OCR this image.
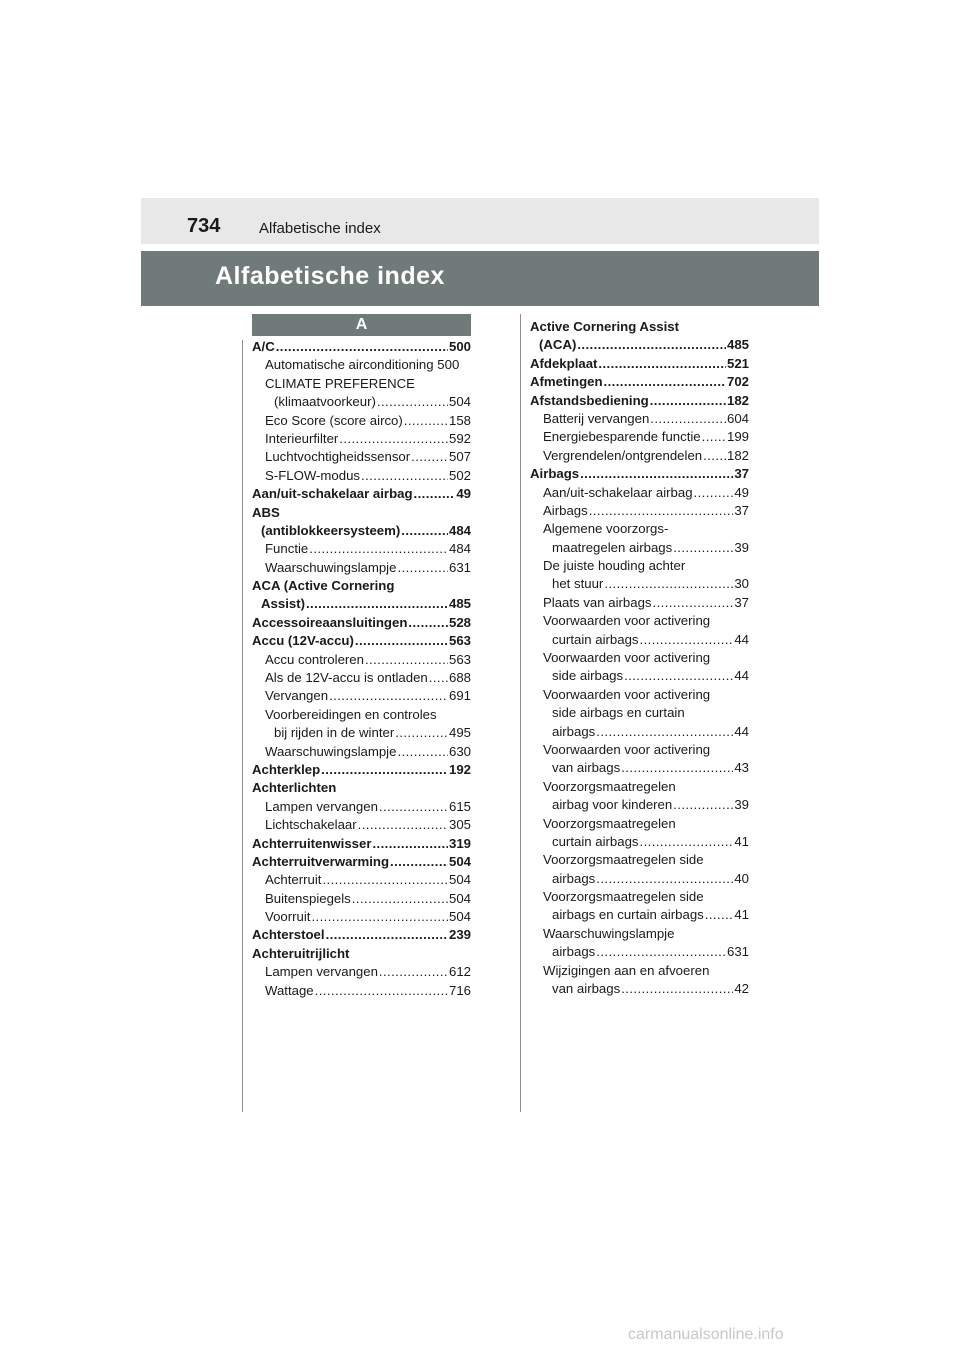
734	Alfabetische index
Alfabetische index
A
A/C .....	500
Automatische airconditioning 500
CLIMATE PREFERENCE
(klimaatvoorkeur) .....	504
Eco Score (score airco) .....	158
Interieurfilter .....	592
Luchtvochtigheidssensor .....	507
S-FLOW-modus .....	502
Aan/uit-schakelaar airbag .....	49
ABS
(antiblokkeersysteem) .....	484
Functie .....	484
Waarschuwingslampje .....	631
ACA (Active Cornering
Assist) .....	485
Accessoireaansluitingen .....	528
Accu (12V-accu) .....	563
Accu controleren .....	563
Als de 12V-accu is ontladen ..... 688
Vervangen .....	691
Voorbereidingen en controles
bij rijden in de winter .....	495
Waarschuwingslampje .....	630
Achterklep .....	192
Achterlichten
Lampen vervangen .....	615
Lichtschakelaar .....	305
Achterruitenwisser .....	319
Achterruitverwarming .....	504
Achterruit .....	504
Buitenspiegels .....	504
Voorruit .....	504
Achterstoel .....	239
Achteruitrijlicht
Lampen vervangen .....	612
Wattage .....	716
Active Cornering Assist
(ACA) .....	485
Afdekplaat .....	521
Afmetingen .....	702
Afstandsbediening .....	182
Batterij vervangen .....	604
Energiebesparende functie ..... 199
Vergrendelen/ontgrendelen ..... 182
Airbags .....	37
Aan/uit-schakelaar airbag .....	49
Airbags .....	37
Algemene voorzorgs-
maatregelen airbags .....	39
De juiste houding achter
het stuur .....	30
Plaats van airbags .....	37
Voorwaarden voor activering
curtain airbags .....	44
Voorwaarden voor activering
side airbags .....	44
Voorwaarden voor activering
side airbags en curtain
airbags .....	44
Voorwaarden voor activering
van airbags .....	43
Voorzorgsmaatregelen
airbag voor kinderen .....	39
Voorzorgsmaatregelen
curtain airbags .....	41
Voorzorgsmaatregelen side
airbags .....	40
Voorzorgsmaatregelen side
airbags en curtain airbags ..... 41
Waarschuwingslampje
airbags .....	631
Wijzigingen aan en afvoeren
van airbags .....	42
carmanualsonline.info
